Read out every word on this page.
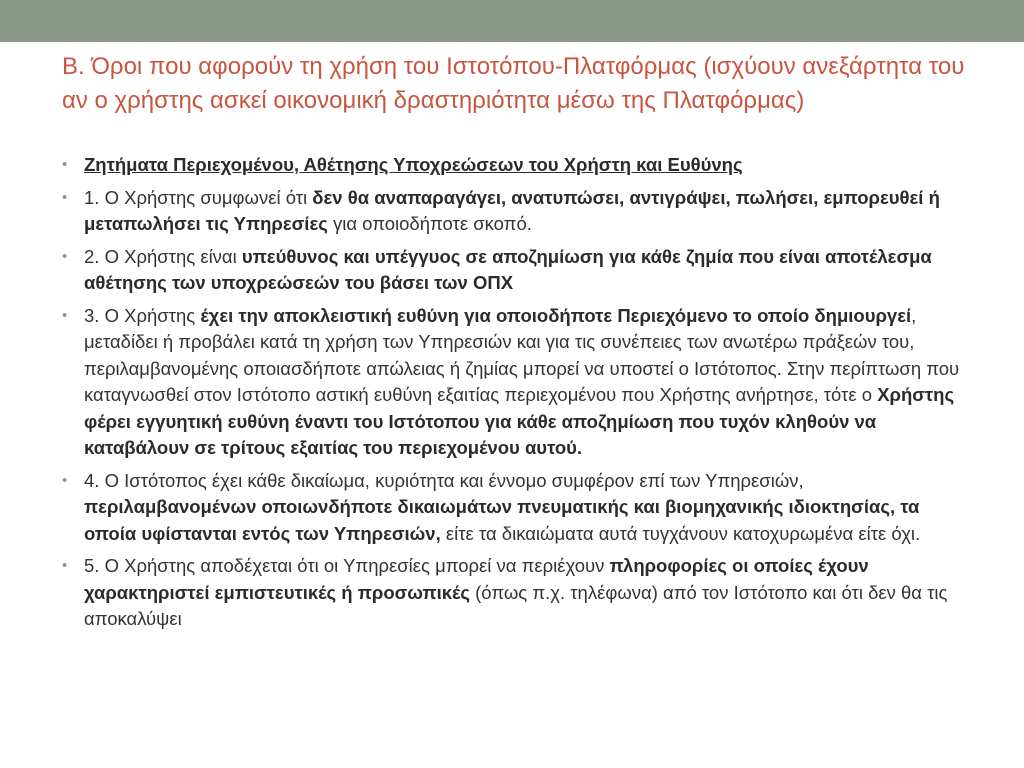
Β. Όροι που αφορούν τη χρήση του Ιστοτόπου-Πλατφόρμας (ισχύουν ανεξάρτητα του αν ο χρήστης ασκεί οικονομική δραστηριότητα μέσω της Πλατφόρμας)
• Ζητήματα Περιεχομένου, Αθέτησης Υποχρεώσεων του Χρήστη και Ευθύνης
• 1. Ο Χρήστης συμφωνεί ότι δεν θα αναπαραγάγει, ανατυπώσει, αντιγράψει, πωλήσει, εμπορευθεί ή μεταπωλήσει τις Υπηρεσίες για οποιοδήποτε σκοπό.
• 2. Ο Χρήστης είναι υπεύθυνος και υπέγγυος σε αποζημίωση για κάθε ζημία που είναι αποτέλεσμα αθέτησης των υποχρεώσεών του βάσει των ΟΠΧ
• 3. Ο Χρήστης έχει την αποκλειστική ευθύνη για οποιοδήποτε Περιεχόμενο το οποίο δημιουργεί, μεταδίδει ή προβάλει κατά τη χρήση των Υπηρεσιών και για τις συνέπειες των ανωτέρω πράξεών του, περιλαμβανομένης οποιασδήποτε απώλειας ή ζημίας μπορεί να υποστεί ο Ιστότοπος. Στην περίπτωση που καταγνωσθεί στον Ιστότοπο αστική ευθύνη εξαιτίας περιεχομένου που Χρήστης ανήρτησε, τότε ο Χρήστης φέρει εγγυητική ευθύνη έναντι του Ιστότοπου για κάθε αποζημίωση που τυχόν κληθούν να καταβάλουν σε τρίτους εξαιτίας του περιεχομένου αυτού.
• 4. Ο Ιστότοπος έχει κάθε δικαίωμα, κυριότητα και έννομο συμφέρον επί των Υπηρεσιών, περιλαμβανομένων οποιωνδήποτε δικαιωμάτων πνευματικής και βιομηχανικής ιδιοκτησίας, τα οποία υφίστανται εντός των Υπηρεσιών, είτε τα δικαιώματα αυτά τυγχάνουν κατοχυρωμένα είτε όχι.
• 5. Ο Χρήστης αποδέχεται ότι οι Υπηρεσίες μπορεί να περιέχουν πληροφορίες οι οποίες έχουν χαρακτηριστεί εμπιστευτικές ή προσωπικές (όπως π.χ. τηλέφωνα) από τον Ιστότοπο και ότι δεν θα τις αποκαλύψει
